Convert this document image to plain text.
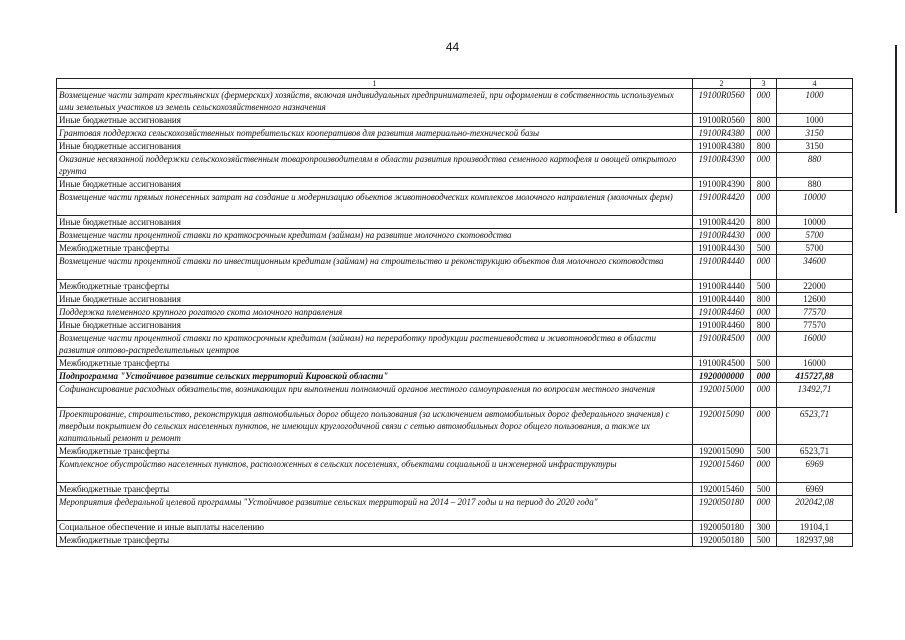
44
1	2	3	4
Возмещение части затрат крестьянских (фермерских) хозяйств, включая индивидуальных предпринимателей, при оформлении в собственность используемых ими земельных участков из земель сельскохозяйственного назначения	19100R0560	000	1000
Иные бюджетные ассигнования	19100R0560	800	1000
Грантовая поддержка сельскохозяйственных потребительских кооперативов для развития материально-технической базы	19100R4380	000	3150
Иные бюджетные ассигнования	19100R4380	800	3150
Оказание несвязанной поддержки сельскохозяйственным товаропроизводителям в области развития производства семенного картофеля и овощей открытого грунта	19100R4390	000	880
Иные бюджетные ассигнования	19100R4390	800	880
Возмещение части прямых понесенных затрат на создание и модернизацию объектов животноводческих комплексов молочного направления (молочных ферм)	19100R4420	000	10000
Иные бюджетные ассигнования	19100R4420	800	10000
Возмещение части процентной ставки по краткосрочным кредитам (займам) на развитие молочного скотоводства	19100R4430	000	5700
Межбюджетные трансферты	19100R4430	500	5700
Возмещение части процентной ставки по инвестиционным кредитам (займам) на строительство и реконструкцию объектов для молочного скотоводства	19100R4440	000	34600
Межбюджетные трансферты	19100R4440	500	22000
Иные бюджетные ассигнования	19100R4440	800	12600
Поддержка племенного крупного рогатого скота молочного направления	19100R4460	000	77570
Иные бюджетные ассигнования	19100R4460	800	77570
Возмещение части процентной ставки по краткосрочным кредитам (займам) на переработку продукции растениеводства и животноводства в области развития оптово-распределительных центров	19100R4500	000	16000
Межбюджетные трансферты	19100R4500	500	16000
Подпрограмма "Устойчивое развитие сельских территорий Кировской области"	1920000000	000	415727,88
Софинансирование расходных обязательств, возникающих при выполнении полномочий органов местного самоуправления по вопросам местного значения	1920015000	000	13492,71
Проектирование, строительство, реконструкция автомобильных дорог общего пользования (за исключением автомобильных дорог федерального значения) с твердым покрытием до сельских населенных пунктов, не имеющих круглогодичной связи с сетью автомобильных дорог общего пользования, а также их капитальный ремонт и ремонт	1920015090	000	6523,71
Межбюджетные трансферты	1920015090	500	6523,71
Комплексное обустройство населенных пунктов, расположенных в сельских поселениях, объектами социальной и инженерной инфраструктуры	1920015460	000	6969
Межбюджетные трансферты	1920015460	500	6969
Мероприятия федеральной целевой программы "Устойчивое развитие сельских территорий на 2014 – 2017 годы и на период до 2020 года"	1920050180	000	202042,08
Социальное обеспечение и иные выплаты населению	1920050180	300	19104,1
Межбюджетные трансферты	1920050180	500	182937,98
